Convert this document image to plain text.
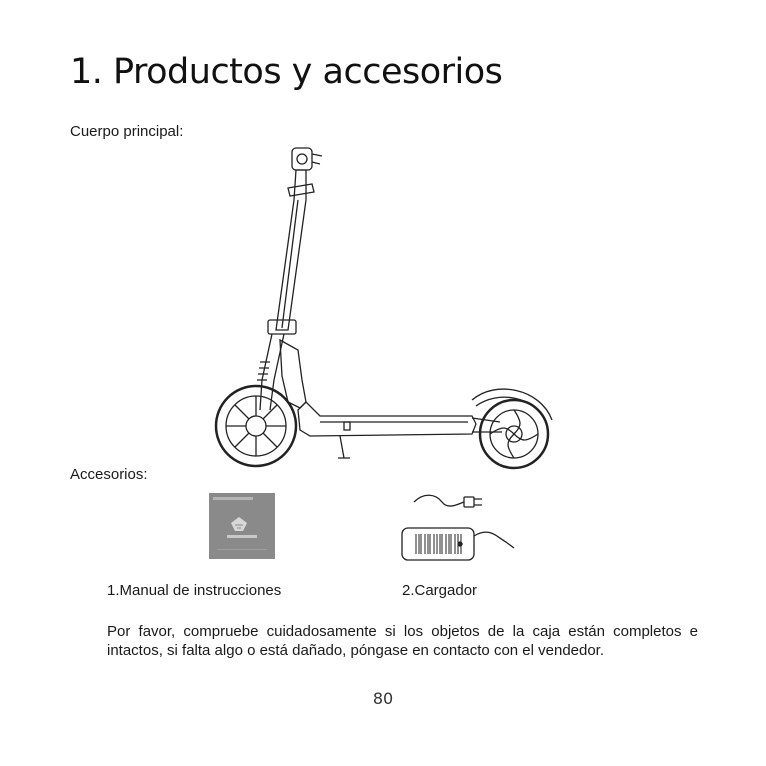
1. Productos y accesorios
Cuerpo principal:
Accesorios:
1.Manual de instrucciones	2.Cargador
Por favor, compruebe cuidadosamente si los objetos de la caja están completos e intactos, si falta algo o está dañado, póngase en contacto con el vendedor.
80
